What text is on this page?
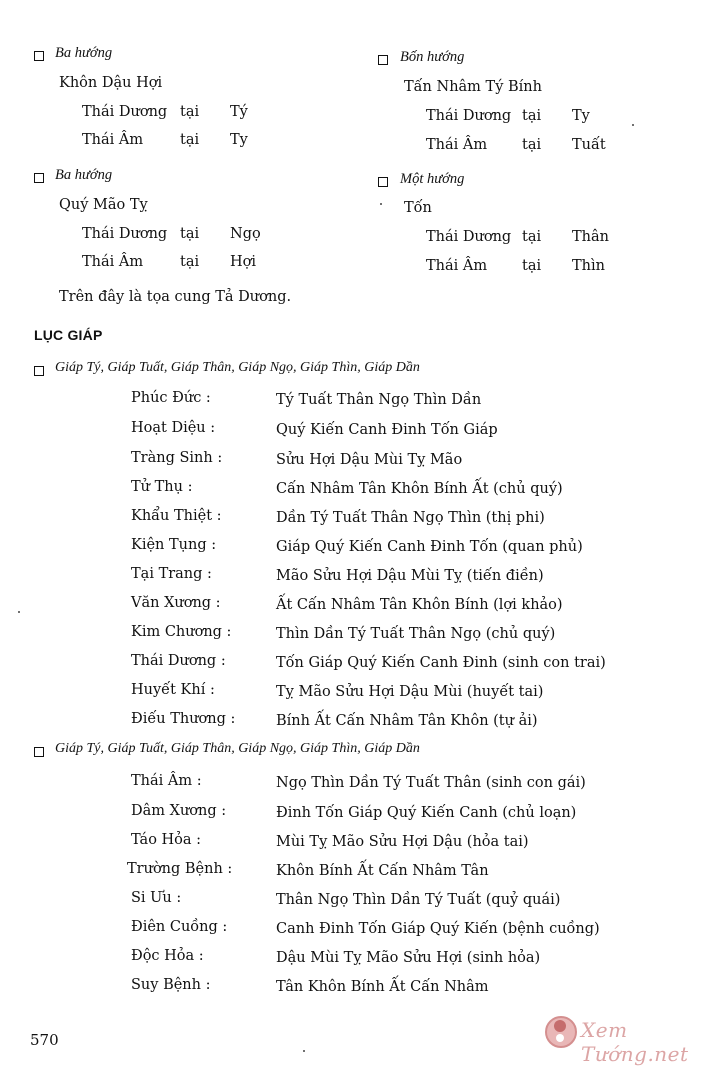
Ba hướng
Khôn Dậu Hợi
Thái Dương tại Tý
Thái Âm	tại Ty
Ba hướng
Quý Mão Tỵ
Thái Dương tại Ngọ
Thái Âm	tại Hợi
Bốn hướng
Tấn Nhâm Tý Bính
Thái Dương tại Ty
Thái Âm tại Tuất
Một hướng
Tốn
Thái Dương tại Thân
Thái Âm tại Thìn
Trên đây là tọa cung Tả Dương.
LỤC GIÁP
Giáp Tý, Giáp Tuất, Giáp Thân, Giáp Ngọ, Giáp Thìn, Giáp Dần
Phúc Đức :	Tý Tuất Thân Ngọ Thìn Dần
Hoạt Diệu :	Quý Kiến Canh Đinh Tốn Giáp
Tràng Sinh :	Sửu Hợi Dậu Mùi Tỵ Mão
Tử Thụ :	Cấn Nhâm Tân Khôn Bính Ất (chủ quý)
Khẩu Thiệt :	Dần Tý Tuất Thân Ngọ Thìn (thị phi)
Kiện Tụng :	Giáp Quý Kiến Canh Đinh Tốn (quan phủ)
Tại Trang :	Mão Sửu Hợi Dậu Mùi Tỵ (tiến điền)
Văn Xương :	Ất Cấn Nhâm Tân Khôn Bính (lợi khảo)
Kim Chương :	Thìn Dần Tý Tuất Thân Ngọ (chủ quý)
Thái Dương :	Tốn Giáp Quý Kiến Canh Đinh (sinh con trai)
Huyết Khí :	Tỵ Mão Sửu Hợi Dậu Mùi (huyết tai)
Điếu Thương :	Bính Ất Cấn Nhâm Tân Khôn (tự ải)
Giáp Tý, Giáp Tuất, Giáp Thân, Giáp Ngọ, Giáp Thìn, Giáp Dần
Thái Âm :	Ngọ Thìn Dần Tý Tuất Thân (sinh con gái)
Dâm Xương :	Đinh Tốn Giáp Quý Kiến Canh (chủ loạn)
Táo Hỏa :	Mùi Tỵ Mão Sửu Hợi Dậu (hỏa tai)
Trường Bệnh :	Khôn Bính Ất Cấn Nhâm Tân
Si Ưu :	Thân Ngọ Thìn Dần Tý Tuất (quỷ quái)
Điên Cuồng :	Canh Đinh Tốn Giáp Quý Kiến (bệnh cuồng)
Độc Hỏa :	Dậu Mùi Tỵ Mão Sửu Hợi (sinh hỏa)
Suy Bệnh :	Tân Khôn Bính Ất Cấn Nhâm
570	Xem Tướng.net
